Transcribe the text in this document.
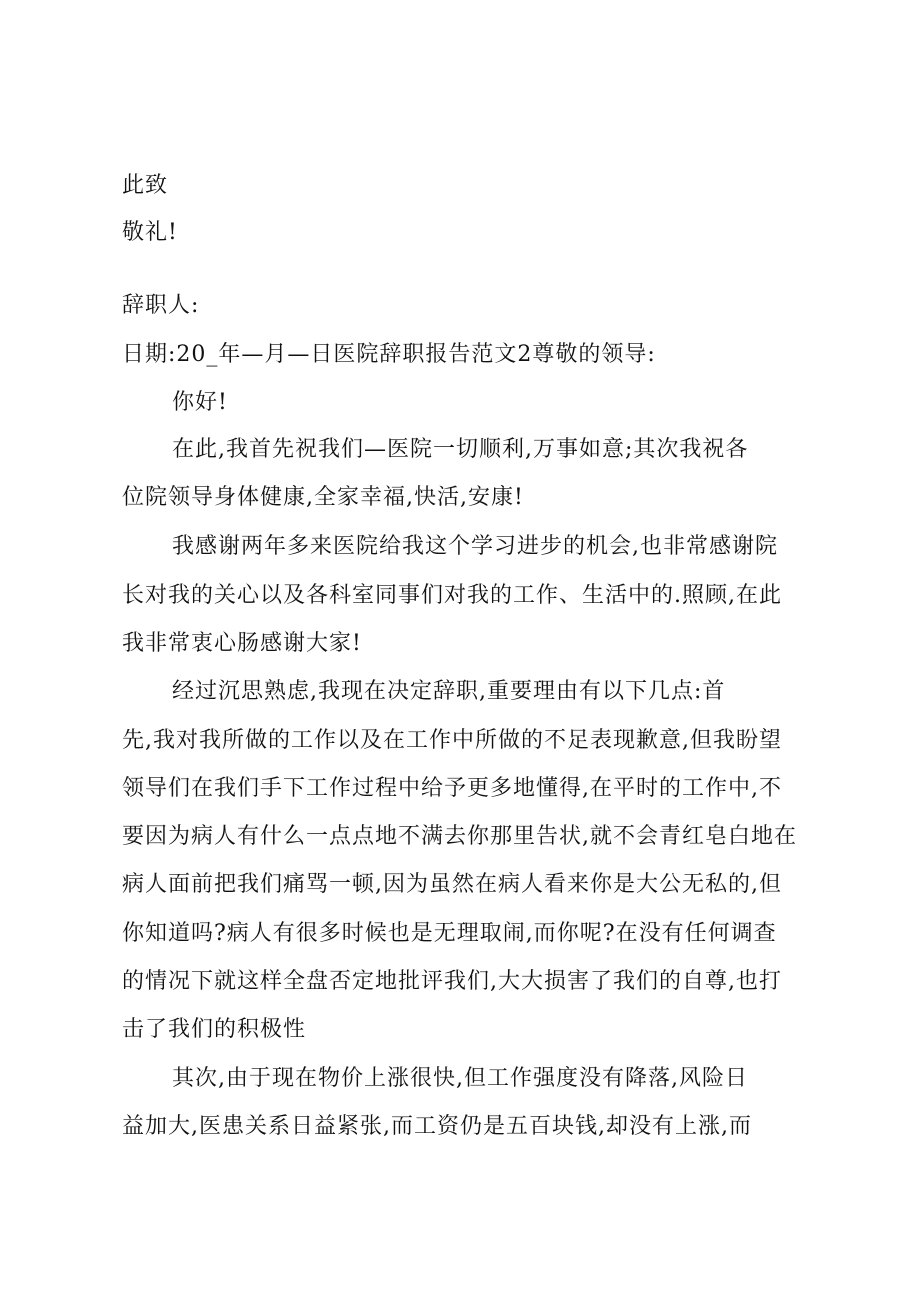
此致
敬礼!
辞职人:
日期:20_年—月—日医院辞职报告范文2尊敬的领导:
你好!
在此,我首先祝我们—医院一切顺利,万事如意;其次我祝各
位院领导身体健康,全家幸福,快活,安康!
我感谢两年多来医院给我这个学习进步的机会,也非常感谢院
长对我的关心以及各科室同事们对我的工作、生活中的.照顾,在此
我非常衷心肠感谢大家!
经过沉思熟虑,我现在决定辞职,重要理由有以下几点:首
先,我对我所做的工作以及在工作中所做的不足表现歉意,但我盼望
领导们在我们手下工作过程中给予更多地懂得,在平时的工作中,不
要因为病人有什么一点点地不满去你那里告状,就不会青红皂白地在
病人面前把我们痛骂一顿,因为虽然在病人看来你是大公无私的,但
你知道吗?病人有很多时候也是无理取闹,而你呢?在没有任何调查
的情况下就这样全盘否定地批评我们,大大损害了我们的自尊,也打
击了我们的积极性
其次,由于现在物价上涨很快,但工作强度没有降落,风险日
益加大,医患关系日益紧张,而工资仍是五百块钱,却没有上涨,而
